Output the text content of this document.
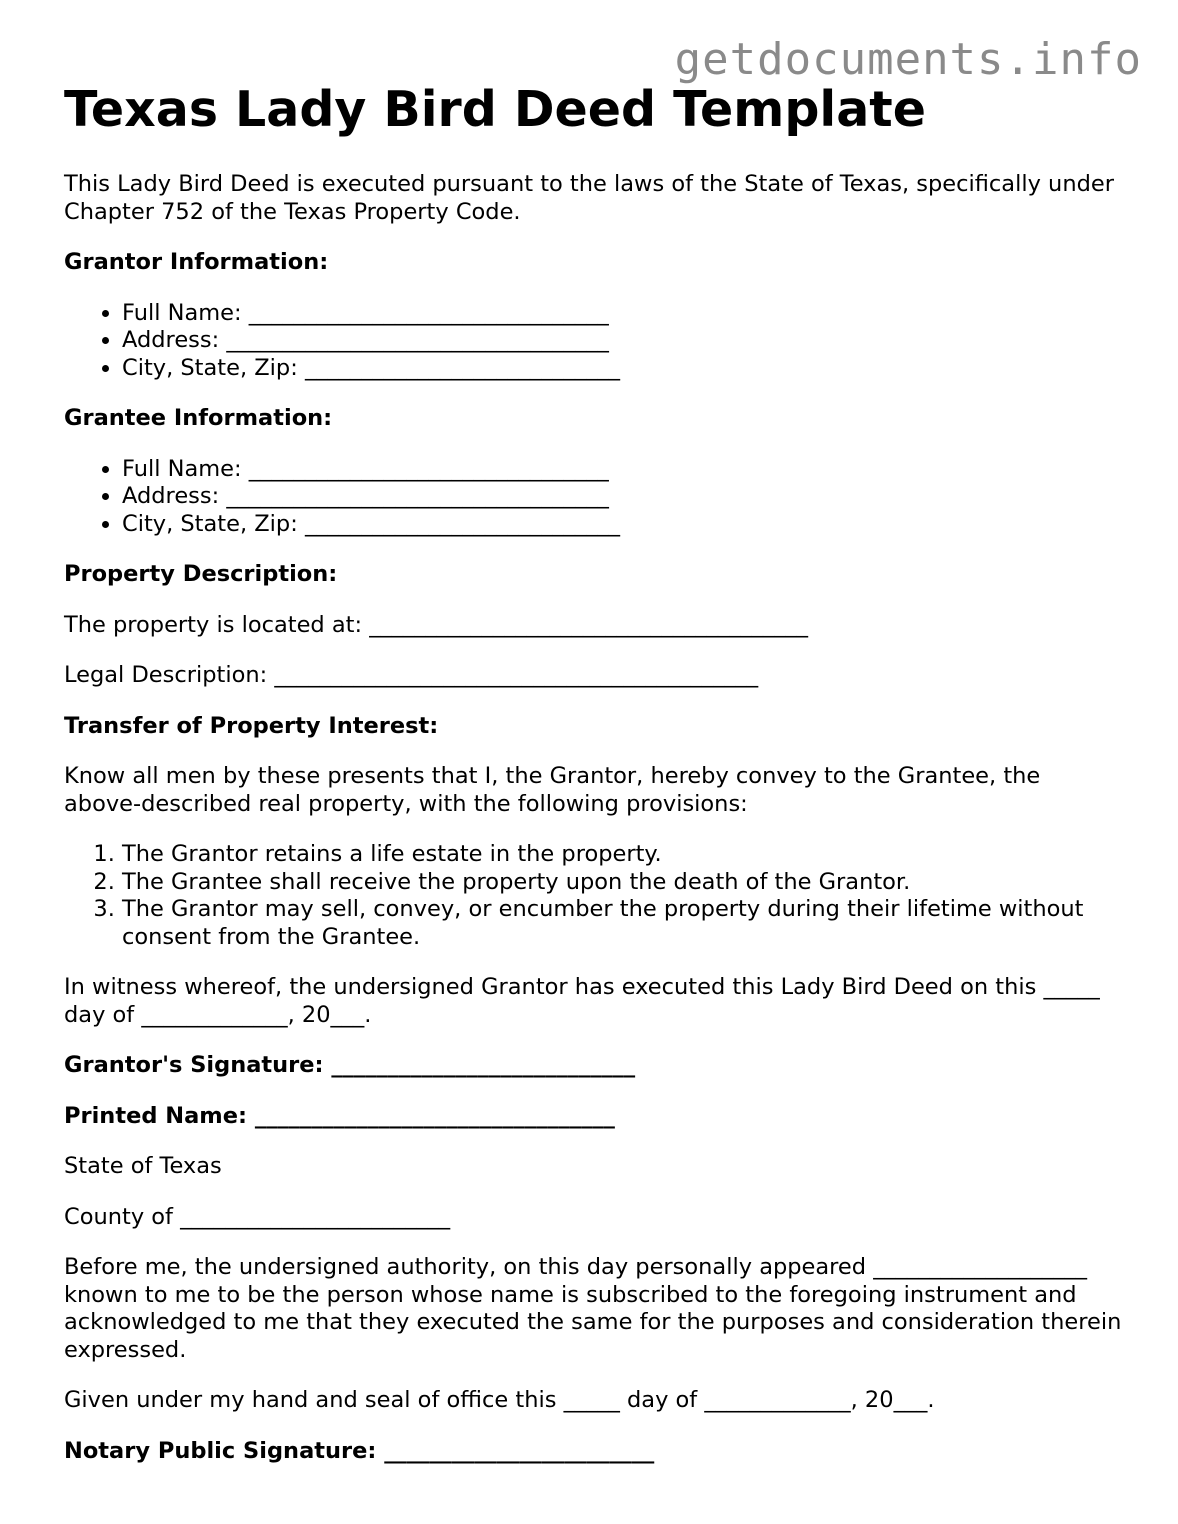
getdocuments.info
Texas Lady Bird Deed Template

This Lady Bird Deed is executed pursuant to the laws of the State of Texas, specifically under Chapter 752 of the Texas Property Code.

Grantor Information:

• Full Name: ________________________________
• Address: __________________________________
• City, State, Zip: ____________________________

Grantee Information:

• Full Name: ________________________________
• Address: __________________________________
• City, State, Zip: ____________________________

Property Description:

The property is located at: _______________________________________

Legal Description: ___________________________________________

Transfer of Property Interest:

Know all men by these presents that I, the Grantor, hereby convey to the Grantee, the above-described real property, with the following provisions:

1. The Grantor retains a life estate in the property.
2. The Grantee shall receive the property upon the death of the Grantor.
3. The Grantor may sell, convey, or encumber the property during their lifetime without consent from the Grantee.

In witness whereof, the undersigned Grantor has executed this Lady Bird Deed on this _____ day of _____________, 20___.

Grantor's Signature: ___________________________

Printed Name: ________________________________

State of Texas

County of ________________________

Before me, the undersigned authority, on this day personally appeared ___________________ known to me to be the person whose name is subscribed to the foregoing instrument and acknowledged to me that they executed the same for the purposes and consideration therein expressed.

Given under my hand and seal of office this _____ day of _____________, 20___.

Notary Public Signature: ________________________
